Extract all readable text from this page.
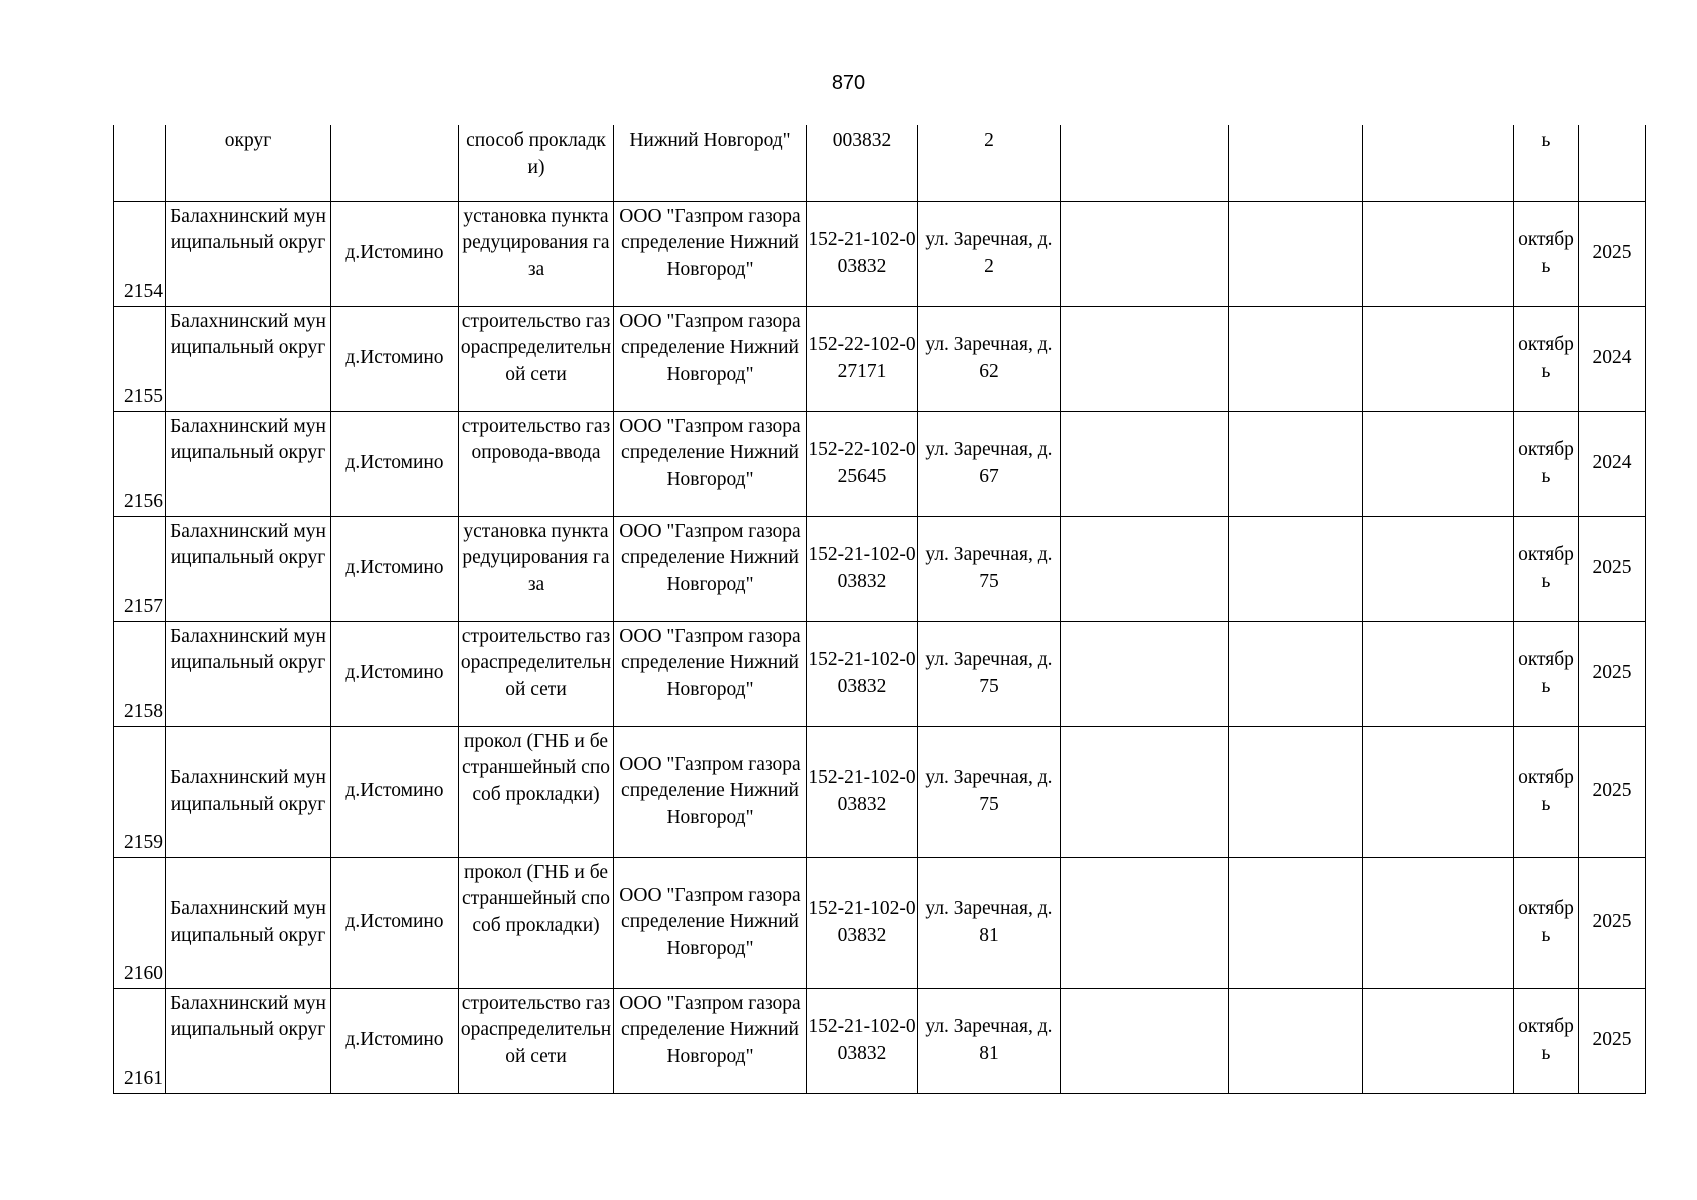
870
	округ		способ прокладки)	Нижний Новгород"	003832	2				ь	
2154	Балахнинский муниципальный округ	д.Истомино	установка пункта редуцирования газа	ООО "Газпром газораспределение Нижний Новгород"	152-21-102-003832	ул. Заречная, д. 2				октябрь	2025
2155	Балахнинский муниципальный округ	д.Истомино	строительство газораспределительной сети	ООО "Газпром газораспределение Нижний Новгород"	152-22-102-027171	ул. Заречная, д. 62				октябрь	2024
2156	Балахнинский муниципальный округ	д.Истомино	строительство газопровода-ввода	ООО "Газпром газораспределение Нижний Новгород"	152-22-102-025645	ул. Заречная, д. 67				октябрь	2024
2157	Балахнинский муниципальный округ	д.Истомино	установка пункта редуцирования газа	ООО "Газпром газораспределение Нижний Новгород"	152-21-102-003832	ул. Заречная, д. 75				октябрь	2025
2158	Балахнинский муниципальный округ	д.Истомино	строительство газораспределительной сети	ООО "Газпром газораспределение Нижний Новгород"	152-21-102-003832	ул. Заречная, д. 75				октябрь	2025
2159	Балахнинский муниципальный округ	д.Истомино	прокол (ГНБ и бестраншейный способ прокладки)	ООО "Газпром газораспределение Нижний Новгород"	152-21-102-003832	ул. Заречная, д. 75				октябрь	2025
2160	Балахнинский муниципальный округ	д.Истомино	прокол (ГНБ и бестраншейный способ прокладки)	ООО "Газпром газораспределение Нижний Новгород"	152-21-102-003832	ул. Заречная, д. 81				октябрь	2025
2161	Балахнинский муниципальный округ	д.Истомино	строительство газораспределительной сети	ООО "Газпром газораспределение Нижний Новгород"	152-21-102-003832	ул. Заречная, д. 81				октябрь	2025
